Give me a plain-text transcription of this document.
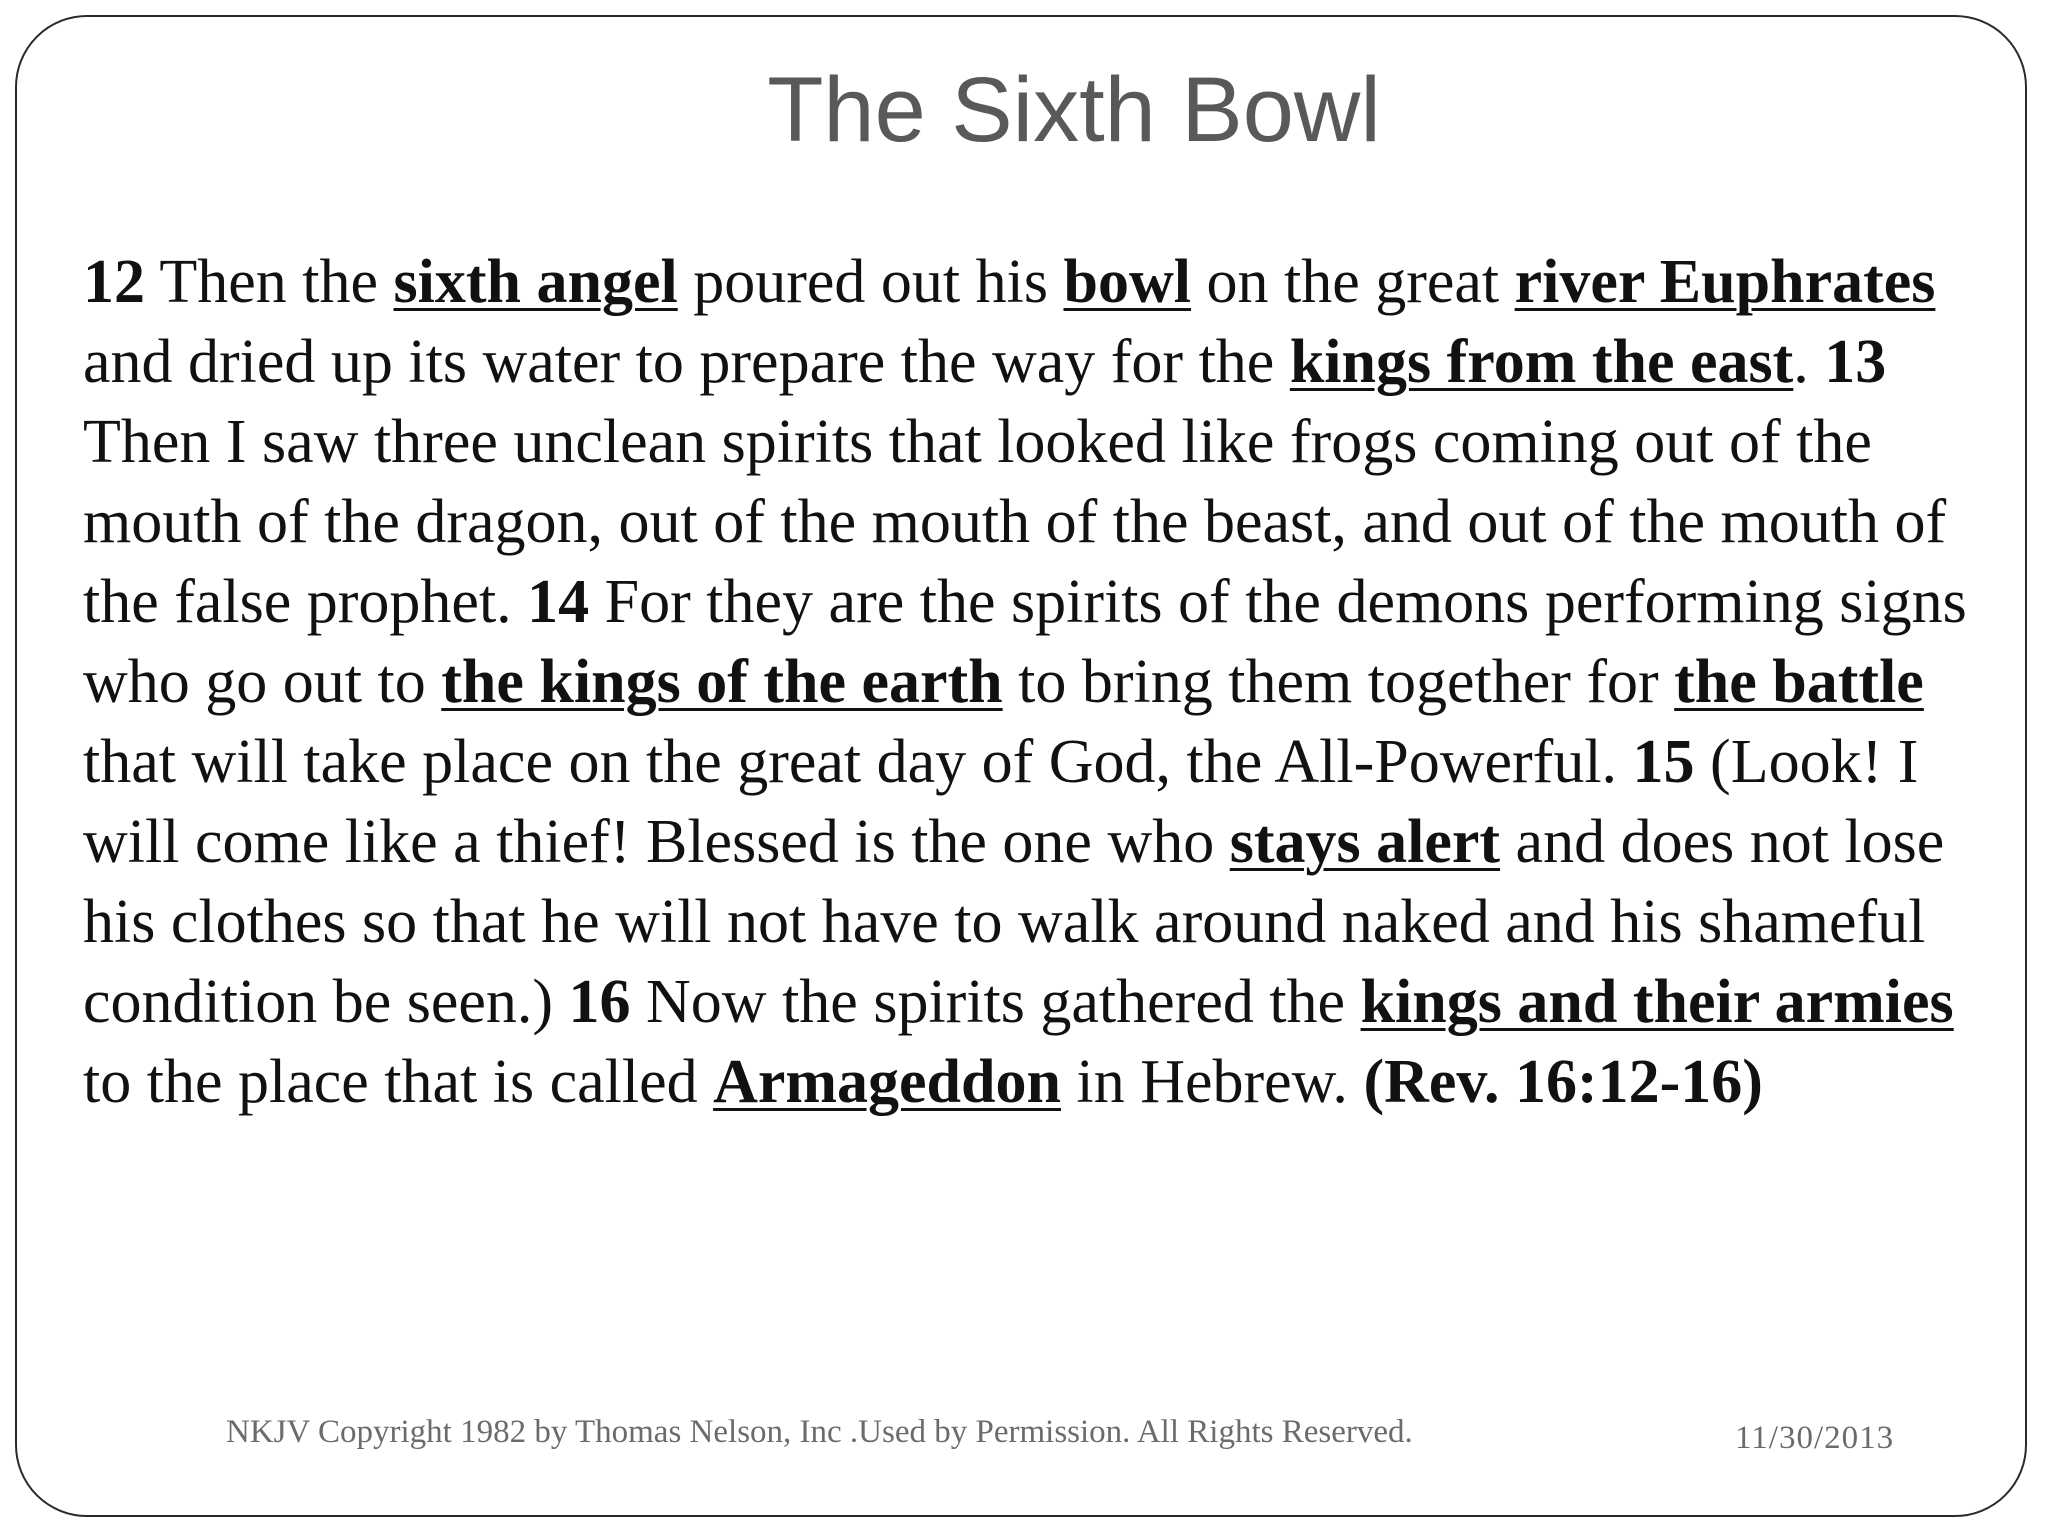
The Sixth Bowl

12 Then the sixth angel poured out his bowl on the great river Euphrates and dried up its water to prepare the way for the kings from the east. 13 Then I saw three unclean spirits that looked like frogs coming out of the mouth of the dragon, out of the mouth of the beast, and out of the mouth of the false prophet. 14 For they are the spirits of the demons performing signs who go out to the kings of the earth to bring them together for the battle that will take place on the great day of God, the All-Powerful. 15 (Look! I will come like a thief! Blessed is the one who stays alert and does not lose his clothes so that he will not have to walk around naked and his shameful condition be seen.) 16 Now the spirits gathered the kings and their armies to the place that is called Armageddon in Hebrew. (Rev. 16:12-16)

NKJV Copyright 1982 by Thomas Nelson, Inc .Used by Permission. All Rights Reserved.	11/30/2013
